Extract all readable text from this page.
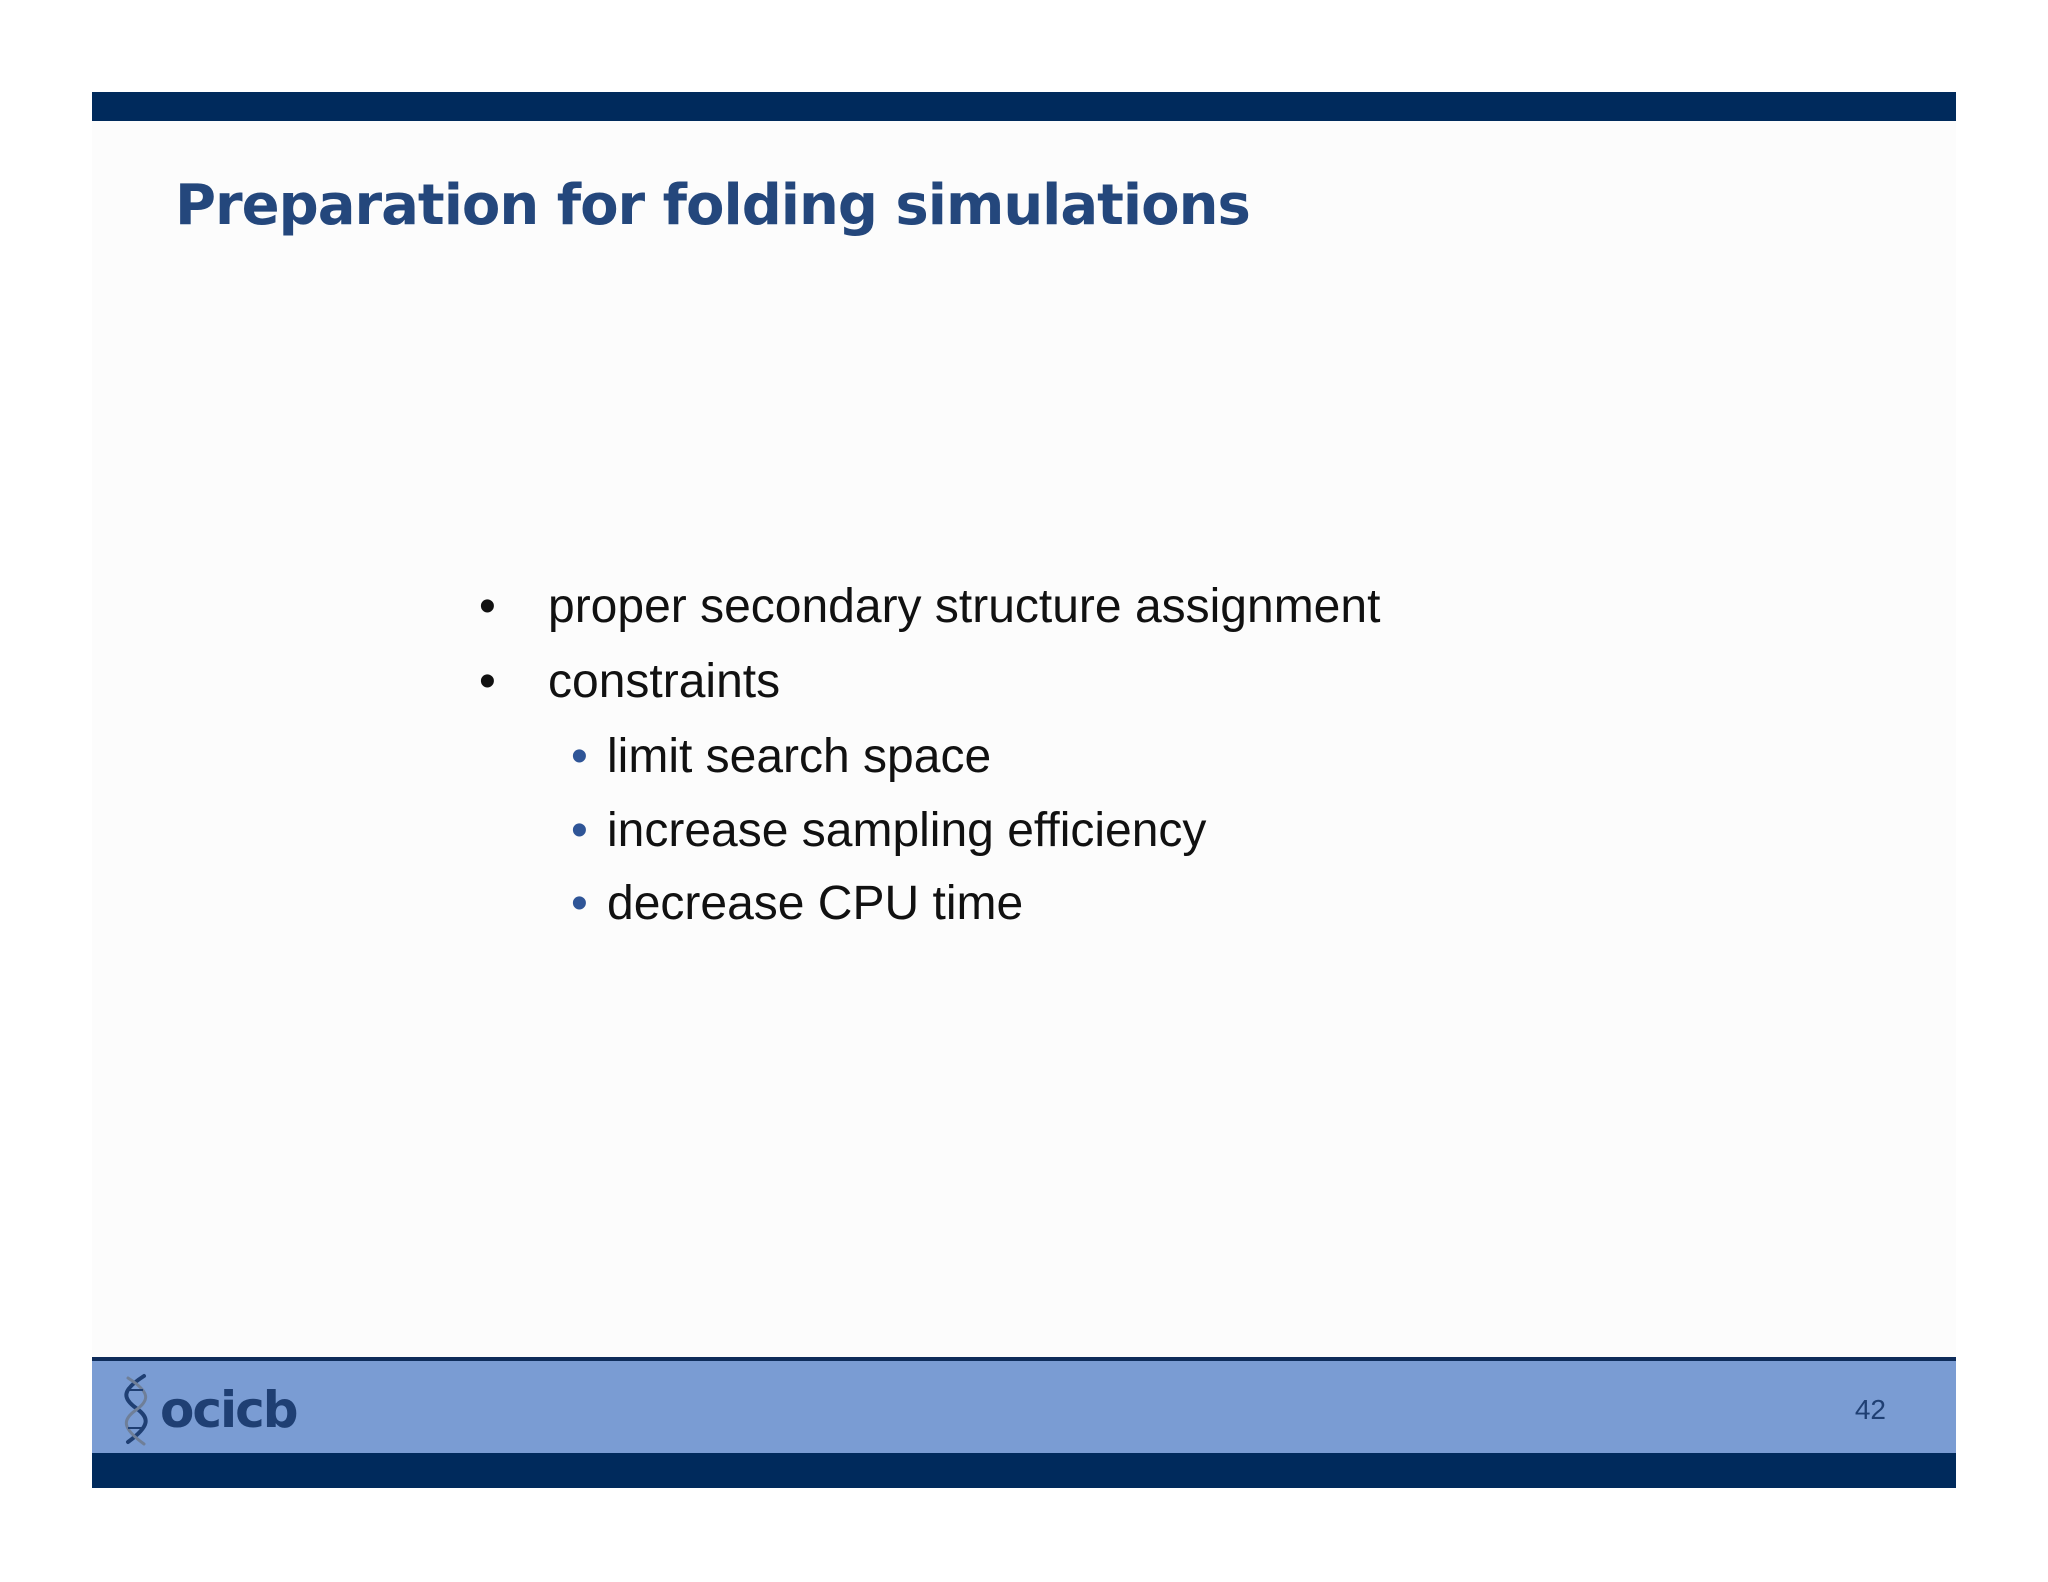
Preparation for folding simulations
• proper secondary structure assignment
• constraints
• limit search space
• increase sampling efficiency
• decrease CPU time
ocicb	42
